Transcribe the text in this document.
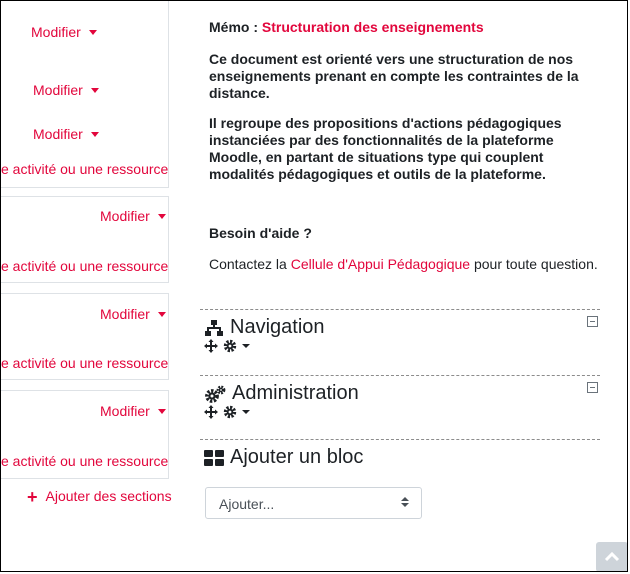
Modifier
Modifier
Modifier
e activité ou une ressource
Modifier
e activité ou une ressource
Modifier
e activité ou une ressource
Modifier
e activité ou une ressource
+ Ajouter des sections
Mémo : Structuration des enseignements
Ce document est orienté vers une structuration de nos enseignements prenant en compte les contraintes de la distance.
Il regroupe des propositions d'actions pédagogiques instanciées par des fonctionnalités de la plateforme Moodle, en partant de situations type qui couplent modalités pédagogiques et outils de la plateforme.
Besoin d'aide ?
Contactez la Cellule d'Appui Pédagogique pour toute question.
Navigation
Administration
Ajouter un bloc
Ajouter...
